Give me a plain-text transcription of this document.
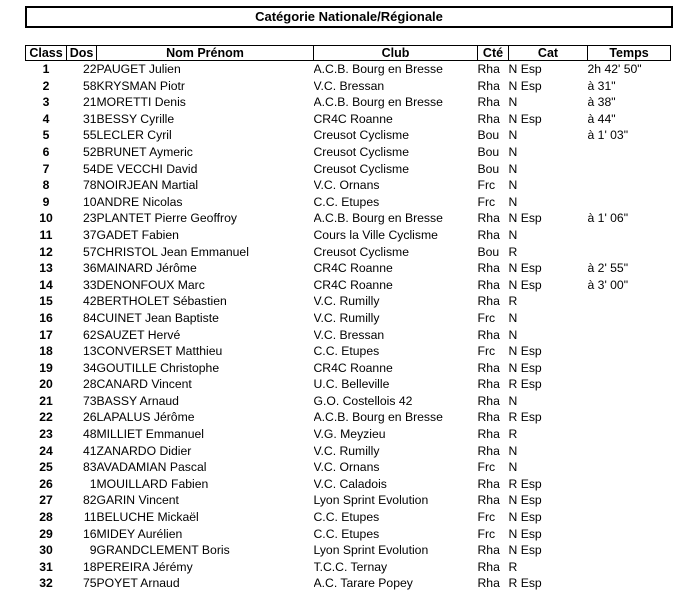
Catégorie Nationale/Régionale
Class	Dos	Nom Prénom	Club	Cté	Cat	Temps
1	22	PAUGET Julien	A.C.B. Bourg en Bresse	Rha	N Esp	2h 42' 50"
2	58	KRYSMAN Piotr	V.C. Bressan	Rha	N Esp	à 31"
3	21	MORETTI Denis	A.C.B. Bourg en Bresse	Rha	N	à 38"
4	31	BESSY Cyrille	CR4C Roanne	Rha	N Esp	à 44"
5	55	LECLER Cyril	Creusot Cyclisme	Bou	N	à 1' 03"
6	52	BRUNET Aymeric	Creusot Cyclisme	Bou	N	
7	54	DE VECCHI David	Creusot Cyclisme	Bou	N	
8	78	NOIRJEAN Martial	V.C. Ornans	Frc	N	
9	10	ANDRE Nicolas	C.C. Etupes	Frc	N	
10	23	PLANTET Pierre Geoffroy	A.C.B. Bourg en Bresse	Rha	N Esp	à 1' 06"
11	37	GADET Fabien	Cours la Ville Cyclisme	Rha	N	
12	57	CHRISTOL Jean Emmanuel	Creusot Cyclisme	Bou	R	
13	36	MAINARD Jérôme	CR4C Roanne	Rha	N Esp	à 2' 55"
14	33	DENONFOUX Marc	CR4C Roanne	Rha	N Esp	à 3' 00"
15	42	BERTHOLET Sébastien	V.C. Rumilly	Rha	R	
16	84	CUINET Jean Baptiste	V.C. Rumilly	Frc	N	
17	62	SAUZET Hervé	V.C. Bressan	Rha	N	
18	13	CONVERSET Matthieu	C.C. Etupes	Frc	N Esp	
19	34	GOUTILLE Christophe	CR4C Roanne	Rha	N Esp	
20	28	CANARD Vincent	U.C. Belleville	Rha	R Esp	
21	73	BASSY Arnaud	G.O. Costellois 42	Rha	N	
22	26	LAPALUS Jérôme	A.C.B. Bourg en Bresse	Rha	R Esp	
23	48	MILLIET Emmanuel	V.G. Meyzieu	Rha	R	
24	41	ZANARDO Didier	V.C. Rumilly	Rha	N	
25	83	AVADAMIAN Pascal	V.C. Ornans	Frc	N	
26	1	MOUILLARD Fabien	V.C. Caladois	Rha	R Esp	
27	82	GARIN Vincent	Lyon Sprint Evolution	Rha	N Esp	
28	11	BELUCHE Mickaël	C.C. Etupes	Frc	N Esp	
29	16	MIDEY Aurélien	C.C. Etupes	Frc	N Esp	
30	9	GRANDCLEMENT Boris	Lyon Sprint Evolution	Rha	N Esp	
31	18	PEREIRA Jérémy	T.C.C. Ternay	Rha	R	
32	75	POYET Arnaud	A.C. Tarare Popey	Rha	R Esp	
